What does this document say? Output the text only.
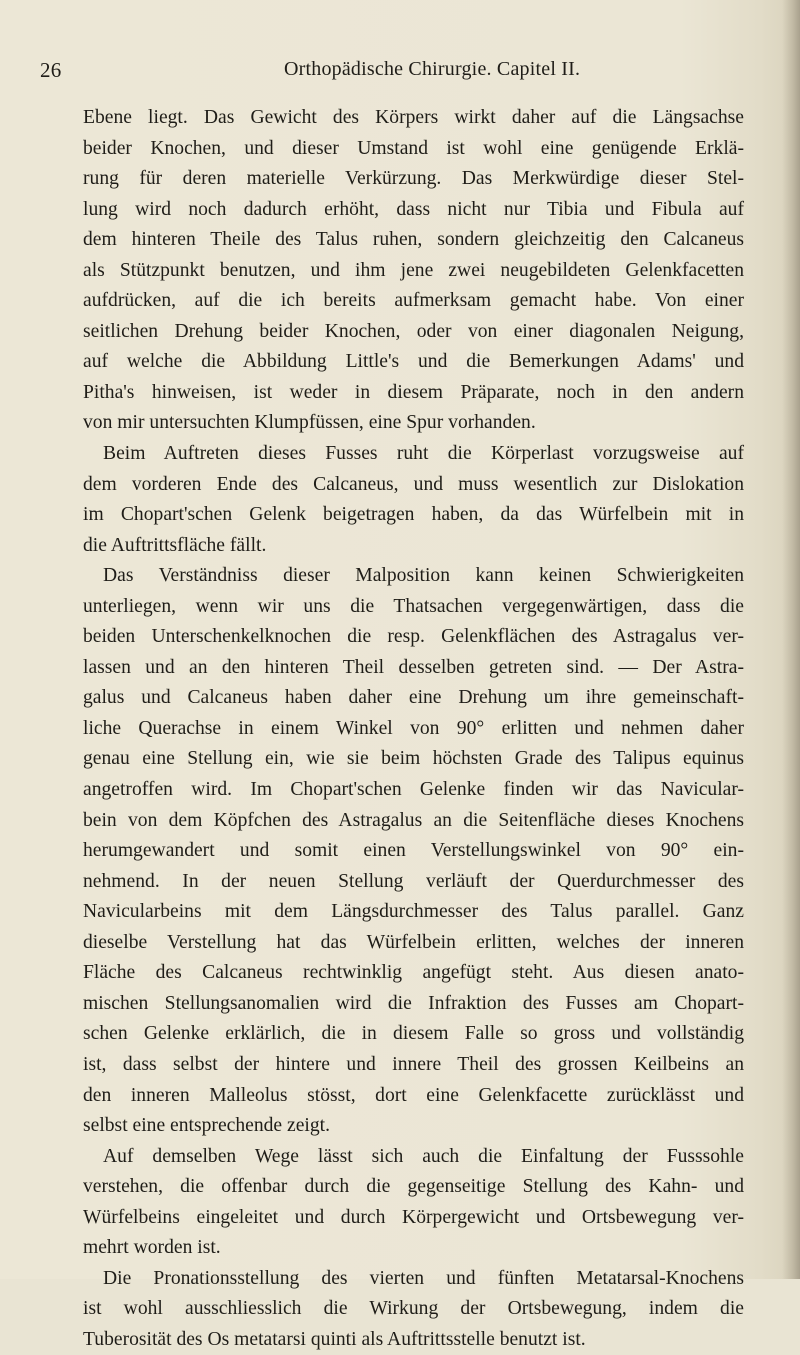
26	Orthopädische Chirurgie. Capitel II.
Ebene liegt. Das Gewicht des Körpers wirkt daher auf die Längsachse
beider Knochen, und dieser Umstand ist wohl eine genügende Erklä-
rung für deren materielle Verkürzung. Das Merkwürdige dieser Stel-
lung wird noch dadurch erhöht, dass nicht nur Tibia und Fibula auf
dem hinteren Theile des Talus ruhen, sondern gleichzeitig den Calcaneus
als Stützpunkt benutzen, und ihm jene zwei neugebildeten Gelenkfacetten
aufdrücken, auf die ich bereits aufmerksam gemacht habe. Von einer
seitlichen Drehung beider Knochen, oder von einer diagonalen Neigung,
auf welche die Abbildung Little's und die Bemerkungen Adams' und
Pitha's hinweisen, ist weder in diesem Präparate, noch in den andern
von mir untersuchten Klumpfüssen, eine Spur vorhanden.
Beim Auftreten dieses Fusses ruht die Körperlast vorzugsweise auf
dem vorderen Ende des Calcaneus, und muss wesentlich zur Dislokation
im Chopart'schen Gelenk beigetragen haben, da das Würfelbein mit in
die Auftrittsfläche fällt.
Das Verständniss dieser Malposition kann keinen Schwierigkeiten
unterliegen, wenn wir uns die Thatsachen vergegenwärtigen, dass die
beiden Unterschenkelknochen die resp. Gelenkflächen des Astragalus ver-
lassen und an den hinteren Theil desselben getreten sind. — Der Astra-
galus und Calcaneus haben daher eine Drehung um ihre gemeinschaft-
liche Querachse in einem Winkel von 90° erlitten und nehmen daher
genau eine Stellung ein, wie sie beim höchsten Grade des Talipus equinus
angetroffen wird. Im Chopart'schen Gelenke finden wir das Navicular-
bein von dem Köpfchen des Astragalus an die Seitenfläche dieses Knochens
herumgewandert und somit einen Verstellungswinkel von 90° ein-
nehmend. In der neuen Stellung verläuft der Querdurchmesser des
Navicularbeins mit dem Längsdurchmesser des Talus parallel. Ganz
dieselbe Verstellung hat das Würfelbein erlitten, welches der inneren
Fläche des Calcaneus rechtwinklig angefügt steht. Aus diesen anato-
mischen Stellungsanomalien wird die Infraktion des Fusses am Chopart-
schen Gelenke erklärlich, die in diesem Falle so gross und vollständig
ist, dass selbst der hintere und innere Theil des grossen Keilbeins an
den inneren Malleolus stösst, dort eine Gelenkfacette zurücklässt und
selbst eine entsprechende zeigt.
Auf demselben Wege lässt sich auch die Einfaltung der Fusssohle
verstehen, die offenbar durch die gegenseitige Stellung des Kahn- und
Würfelbeins eingeleitet und durch Körpergewicht und Ortsbewegung ver-
mehrt worden ist.
Die Pronationsstellung des vierten und fünften Metatarsal-Knochens
ist wohl ausschliesslich die Wirkung der Ortsbewegung, indem die
Tuberosität des Os metatarsi quinti als Auftrittsstelle benutzt ist.
